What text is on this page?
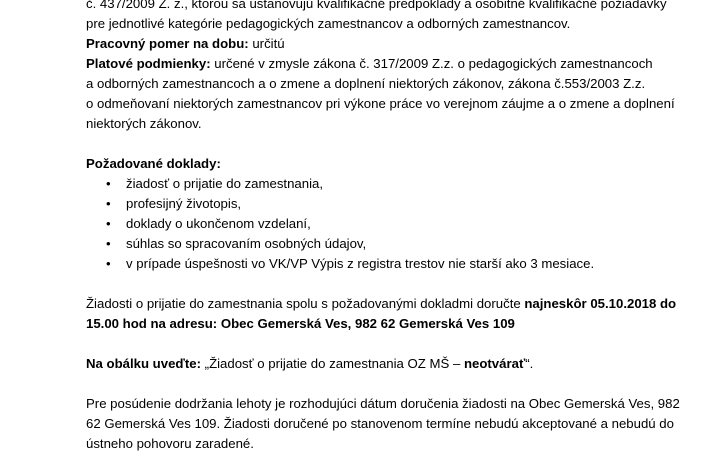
č. 437/2009 Z. z., ktorou sa ustanovujú kvalifikačné predpoklady a osobitné kvalifikačné požiadavky

pre jednotlivé kategórie pedagogických zamestnancov a odborných zamestnancov.

Pracovný pomer na dobu: určitú

Platové podmienky: určené v zmysle zákona č. 317/2009 Z.z. o pedagogických zamestnancoch

a odborných zamestnancoch a o zmene a doplnení niektorých zákonov, zákona č.553/2003 Z.z.

o odmeňovaní niektorých zamestnancov pri výkone práce vo verejnom záujme a o zmene a doplnení

niektorých zákonov.

Požadované doklady:

• žiadosť o prijatie do zamestnania,
• profesijný životopis,
• doklady o ukončenom vzdelaní,
• súhlas so spracovaním osobných údajov,
• v prípade úspešnosti vo VK/VP Výpis z registra trestov nie starší ako 3 mesiace.

Žiadosti o prijatie do zamestnania spolu s požadovanými dokladmi doručte najneskôr 05.10.2018 do

15.00 hod na adresu: Obec Gemerská Ves, 982 62 Gemerská Ves 109

Na obálku uveďte: „Žiadosť o prijatie do zamestnania OZ MŠ – neotvárať“.

Pre posúdenie dodržania lehoty je rozhodujúci dátum doručenia žiadosti na Obec Gemerská Ves, 982

62 Gemerská Ves 109. Žiadosti doručené po stanovenom termíne nebudú akceptované a nebudú do

ústneho pohovoru zaradené.
